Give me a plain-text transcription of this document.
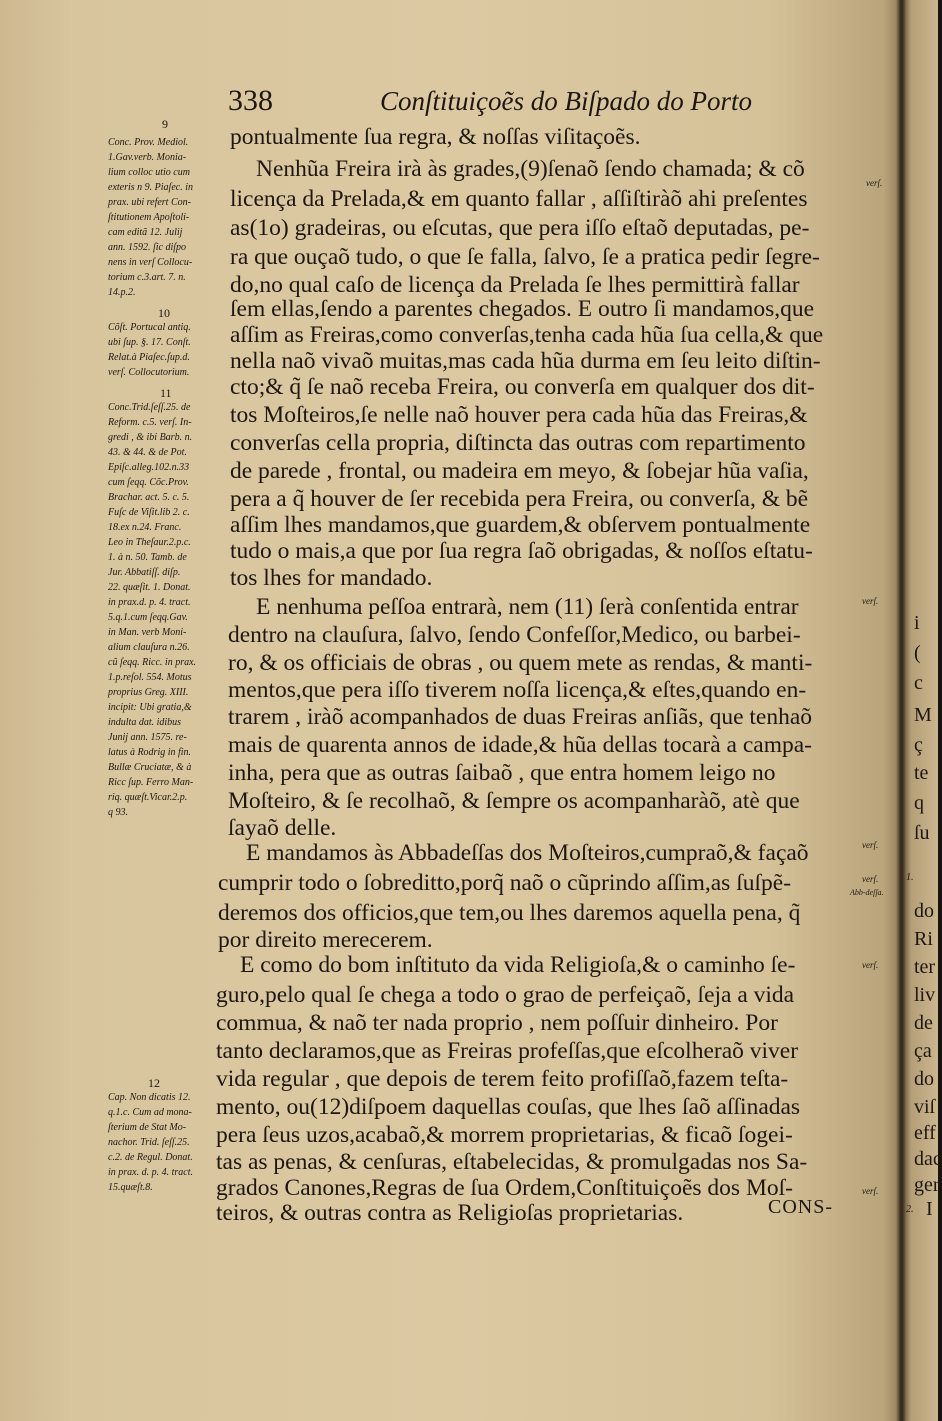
338	Conſtituiçoẽs do Biſpado do Porto
9
Conc. Prov. Mediol.
1.Gav.verb. Monia-
lium colloc utio cum
exteris n 9. Piaſec. in
prax. ubi refert Con-
ſtitutionem Apoſtoli-
cam editã 12. Julij
ann. 1592. ſic diſpo
nens in verſ Collocu-
torium c.3.art. 7. n.
14.p.2.
10
Cõſt. Portucal antiq.
ubi ſup. §. 17. Conſt.
Relat.à Piaſec.ſup.d.
verſ. Collocutorium.
11
Conc.Trid.ſeſſ.25. de
Reform. c.5. verſ. In-
gredi , & ibi Barb. n.
43. & 44. & de Pot.
Epiſc.alleg.102.n.33
cum ſeqq. Cõc.Prov.
Brachar. act. 5. c. 5.
Fuſc de Viſit.lib 2. c.
18.ex n.24. Franc.
Leo in Theſaur.2.p.c.
1. à n. 50. Tamb. de
Jur. Abbatiſſ. diſp.
22. quæſit. 1. Donat.
in prax.d. p. 4. tract.
5.q.1.cum ſeqq.Gav.
in Man. verb Moni-
alium clauſura n.26.
cũ ſeqq. Ricc. in prax.
1.p.reſol. 554. Motus
proprius Greg. XIII.
incipit: Ubi gratia,&
indulta dat. idibus
Junij ann. 1575. re-
latus à Rodrig in fin.
Bullæ Cruciatæ, & à
Ricc ſup. Ferro Man-
riq. quæſt.Vicar.2.p.
q 93.
12
Cap. Non dicatis 12.
q.1.c. Cum ad mona-
ſterium de Stat Mo-
nachor. Trid. ſeſſ.25.
c.2. de Regul. Donat.
in prax. d. p. 4. tract.
15.quæſt.8.
pontualmente ſua regra, & noſſas viſitaçoẽs.
Nenhũa Freira irà às grades,(9)ſenaõ ſendo chamada; & cõ
licença da Prelada,& em quanto fallar , aſſiſtiràõ ahi preſentes
as(1o) gradeiras, ou eſcutas, que pera iſſo eſtaõ deputadas, pe-
ra que ouçaõ tudo, o que ſe falla, ſalvo, ſe a pratica pedir ſegre-
do,no qual caſo de licença da Prelada ſe lhes permittirà fallar
ſem ellas,ſendo a parentes chegados. E outro ſi mandamos,que
aſſim as Freiras,como converſas,tenha cada hũa ſua cella,& que
nella naõ vivaõ muitas,mas cada hũa durma em ſeu leito diſtin-
cto;& q̃ ſe naõ receba Freira, ou converſa em qualquer dos dit-
tos Moſteiros,ſe nelle naõ houver pera cada hũa das Freiras,&
converſas cella propria, diſtincta das outras com repartimento
de parede , frontal, ou madeira em meyo, & ſobejar hũa vaſia,
pera a q̃ houver de ſer recebida pera Freira, ou converſa, & bẽ
aſſim lhes mandamos,que guardem,& obſervem pontualmente
tudo o mais,a que por ſua regra ſaõ obrigadas, & noſſos eſtatu-
tos lhes for mandado.
E nenhuma peſſoa entrarà, nem (11) ſerà conſentida entrar
dentro na clauſura, ſalvo, ſendo Confeſſor,Medico, ou barbei-
ro, & os officiais de obras , ou quem mete as rendas, & manti-
mentos,que pera iſſo tiverem noſſa licença,& eſtes,quando en-
trarem , iràõ acompanhados de duas Freiras anſiãs, que tenhaõ
mais de quarenta annos de idade,& hũa dellas tocarà a campa-
inha, pera que as outras ſaibaõ , que entra homem leigo no
Moſteiro, & ſe recolhaõ, & ſempre os acompanharàõ, atè que
ſayaõ delle.
E mandamos às Abbadeſſas dos Moſteiros,cumpraõ,& façaõ
cumprir todo o ſobreditto,porq̃ naõ o cũprindo aſſim,as ſuſpẽ-
deremos dos officios,que tem,ou lhes daremos aquella pena, q̃
por direito merecerem.
E como do bom inſtituto da vida Religioſa,& o caminho ſe-
guro,pelo qual ſe chega a todo o grao de perfeiçaõ, ſeja a vida
commua, & naõ ter nada proprio , nem poſſuir dinheiro. Por
tanto declaramos,que as Freiras profeſſas,que eſcolheraõ viver
vida regular , que depois de terem feito profiſſaõ,fazem teſta-
mento, ou(12)diſpoem daquellas couſas, que lhes ſaõ aſſinadas
pera ſeus uzos,acabaõ,& morrem proprietarias, & ficaõ ſogei-
tas as penas, & cenſuras, eſtabelecidas, & promulgadas nos Sa-
grados Canones,Regras de ſua Ordem,Conſtituiçoẽs dos Moſ-
teiros, & outras contra as Religioſas proprietarias.	CONS-
verſ.
verſ.
verſ.
verſ.
verſ.
Abb-deſſa.
verſ.
i
(
c
M
ç
te
q
ſu
1.
do
Ri
ter
liv
de
ça
do
viſ
eff
dac
ger
2. I
